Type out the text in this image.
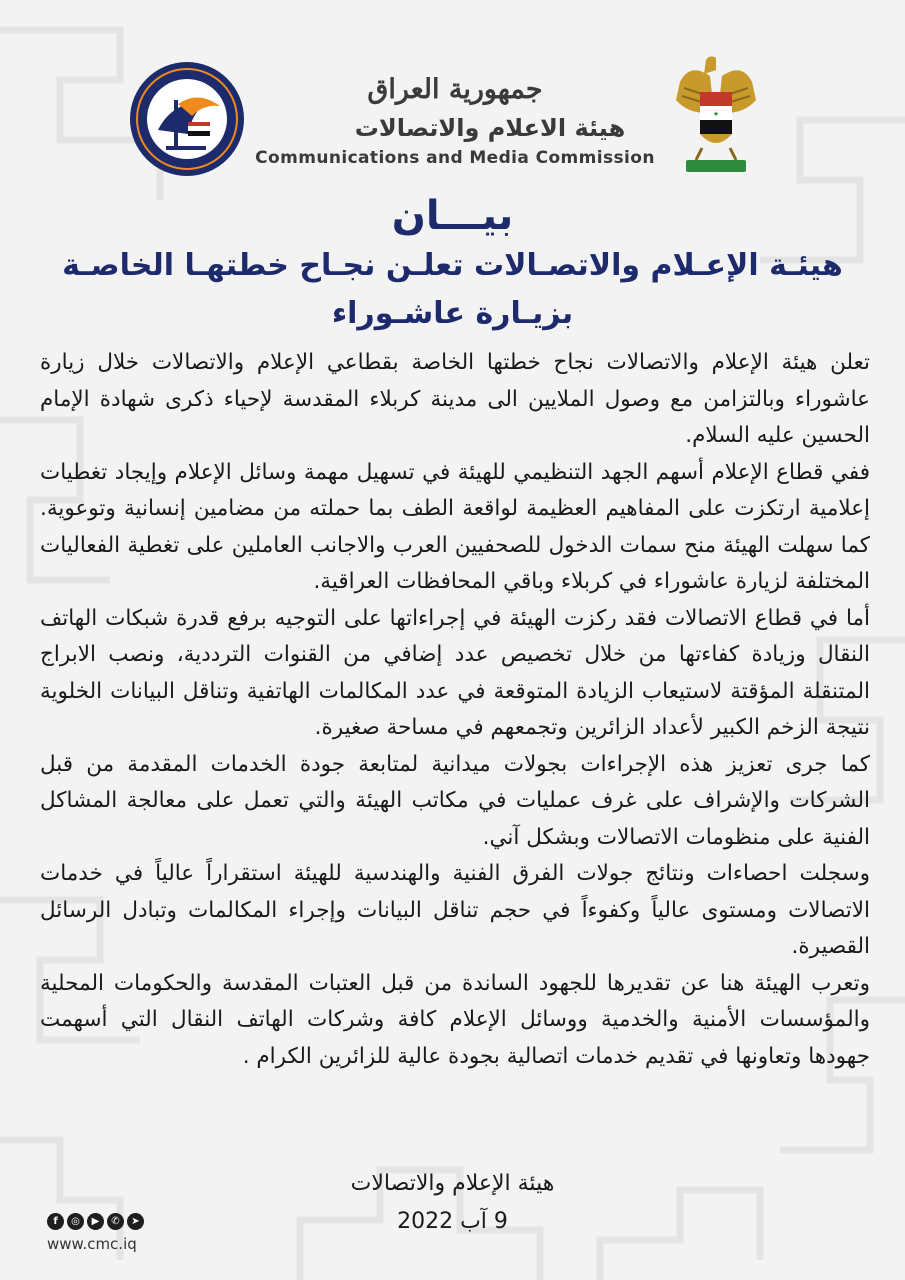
جمهورية العراق
هيئة الاعلام والاتصالات
Communications and Media Commission
★
بيـــان
هيئـة الإعـلام والاتصـالات تعلـن نجـاح خطتهـا الخاصـة
بزيـارة عاشـوراء

تعلن هيئة الإعلام والاتصالات نجاح خطتها الخاصة بقطاعي الإعلام والاتصالات خلال زيارة عاشوراء وبالتزامن مع وصول الملايين الى مدينة كربلاء المقدسة لإحياء ذكرى شهادة الإمام الحسين عليه السلام.

ففي قطاع الإعلام أسهم الجهد التنظيمي للهيئة في تسهيل مهمة وسائل الإعلام وإيجاد تغطيات إعلامية ارتكزت على المفاهيم العظيمة لواقعة الطف بما حملته من مضامين إنسانية وتوعوية. كما سهلت الهيئة منح سمات الدخول للصحفيين العرب والاجانب العاملين على تغطية الفعاليات المختلفة لزيارة عاشوراء في كربلاء وباقي المحافظات العراقية.

أما في قطاع الاتصالات فقد ركزت الهيئة في إجراءاتها على التوجيه برفع قدرة شبكات الهاتف النقال وزيادة كفاءتها من خلال تخصيص عدد إضافي من القنوات الترددية، ونصب الابراج المتنقلة المؤقتة لاستيعاب الزيادة المتوقعة في عدد المكالمات الهاتفية وتناقل البيانات الخلوية نتيجة الزخم الكبير لأعداد الزائرين وتجمعهم في مساحة صغيرة.

كما جرى تعزيز هذه الإجراءات بجولات ميدانية لمتابعة جودة الخدمات المقدمة من قبل الشركات والإشراف على غرف عمليات في مكاتب الهيئة والتي تعمل على معالجة المشاكل الفنية على منظومات الاتصالات وبشكل آني.

وسجلت احصاءات ونتائج جولات الفرق الفنية والهندسية للهيئة استقراراً عالياً في خدمات الاتصالات ومستوى عالياً وكفوءاً في حجم تناقل البيانات وإجراء المكالمات وتبادل الرسائل القصيرة.

وتعرب الهيئة هنا عن تقديرها للجهود الساندة من قبل العتبات المقدسة والحكومات المحلية والمؤسسات الأمنية والخدمية ووسائل الإعلام كافة وشركات الهاتف النقال التي أسهمت جهودها وتعاونها في تقديم خدمات اتصالية بجودة عالية للزائرين الكرام .

هيئة الإعلام والاتصالات
9 آب 2022
f	◎	▶	✆	➤
www.cmc.iq
